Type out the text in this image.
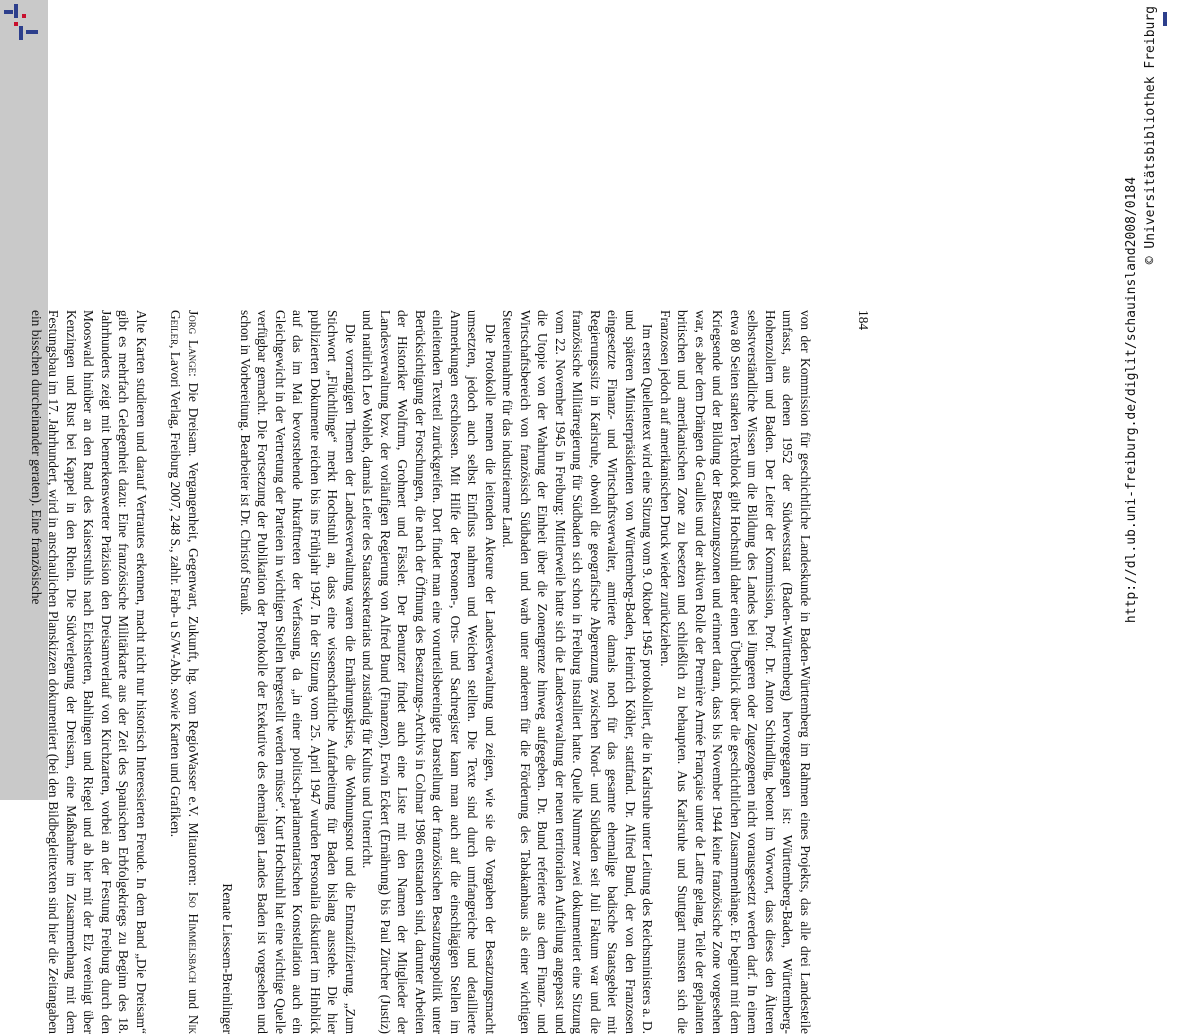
184

von der Kommission für geschichtliche Landeskunde in Baden-Württemberg im Rahmen eines Projekts, das alle drei Landesteile umfasst, aus denen 1952 der Südweststaat (Baden-Württemberg) hervorgegangen ist: Württemberg-Baden, Württemberg-Hohenzollern und Baden. Der Leiter der Kommission, Prof. Dr. Anton Schindling, betont im Vorwort, dass dieses den Älteren selbstverständliche Wissen um die Bildung des Landes bei Jüngeren oder Zugezogenen nicht vorausgesetzt werden darf. In einem etwa 80 Seiten starken Textblock gibt Hochstuhl daher einen Überblick über die geschichtlichen Zusammenhänge. Er beginnt mit dem Kriegsende und der Bildung der Besatzungszonen und erinnert daran, dass bis November 1944 keine französische Zone vorgesehen war, es aber dem Drängen de Gaulles und der aktiven Rolle der Première Armée Française unter de Lattre gelang, Teile der geplanten britischen und amerikanischen Zone zu besetzen und schließlich zu behaupten. Aus Karlsruhe und Stuttgart mussten sich die Franzosen jedoch auf amerikanischen Druck wieder zurückziehen.

Im ersten Quellentext wird eine Sitzung vom 9. Oktober 1945 protokolliert, die in Karlsruhe unter Leitung des Reichsministers a. D. und späteren Ministerpräsidenten von Württemberg-Baden, Heinrich Köhler, stattfand. Dr. Alfred Bund, der von den Franzosen eingesetzte Finanz- und Wirtschaftsverwalter, amtierte damals noch für das gesamte ehemalige badische Staatsgebiet mit Regierungssitz in Karlsruhe, obwohl die geografische Abgrenzung zwischen Nord- und Südbaden seit Juli Faktum war und die französische Militärregierung für Südbaden sich schon in Freiburg installiert hatte. Quelle Nummer zwei dokumentiert eine Sitzung vom 22. November 1945 in Freiburg: Mittlerweile hatte sich die Landesverwaltung der neuen territorialen Aufteilung angepasst und die Utopie von der Wahrung der Einheit über die Zonengrenze hinweg aufgegeben. Dr. Bund referierte aus dem Finanz- und Wirtschaftsbereich von französisch Südbaden und warb unter anderem für die Förderung des Tabakanbaus als einer wichtigen Steuereinnahme für das industriearme Land.

Die Protokolle nennen die leitenden Akteure der Landesverwaltung und zeigen, wie sie die Vorgaben der Besatzungsmacht umsetzten, jedoch auch selbst Einfluss nahmen und Weichen stellten. Die Texte sind durch umfangreiche und detaillierte Anmerkungen erschlossen. Mit Hilfe der Personen-, Orts- und Sachregister kann man auch auf die einschlägigen Stellen im einleitenden Textteil zurückgreifen. Dort findet man eine vorurteilsbereinigte Darstellung der französischen Besatzungspolitik unter Berücksichtigung der Forschungen, die nach der Öffnung des Besatzungs-Archivs in Colmar 1986 entstanden sind, darunter Arbeiten der Historiker Wolfrum, Grohnert und Fässler. Der Benutzer findet auch eine Liste mit den Namen der Mitglieder der Landesverwaltung bzw. der vorläufigen Regierung von Alfred Bund (Finanzen), Erwin Eckert (Ernährung) bis Paul Zürcher (Justiz) und natürlich Leo Wohleb, damals Leiter des Staatssekretariats und zuständig für Kultus und Unterricht.

Die vorrangigen Themen der Landesverwaltung waren die Ernährungskrise, die Wohnungsnot und die Entnazifizierung. „Zum Stichwort „Flüchtlinge“ merkt Hochstuhl an, dass eine wissenschaftliche Aufarbeitung für Baden bislang ausstehe. Die hier publizierten Dokumente reichen bis ins Frühjahr 1947. In der Sitzung vom 25. April 1947 wurden Personalia diskutiert im Hinblick auf das im Mai bevorstehende Inkrafttreten der Verfassung, da „in einer politisch-parlamentarischen Konstellation auch ein Gleichgewicht in der Vertretung der Parteien in wichtigen Stellen hergestellt werden müsse“. Kurt Hochstuhl hat eine wichtige Quelle verfügbar gemacht. Die Fortsetzung der Publikation der Protokolle der Exekutive des ehemaligen Landes Baden ist vorgesehen und schon in Vorbereitung. Bearbeiter ist Dr. Christof Strauß.

Renate Liessem-Breinlinger

Jorg Lange: Die Dreisam. Vergangenheit, Gegenwart, Zukunft, hg. vom RegioWasser e.V. Mitautoren: Iso Himmelsbach und Nik Geiler, Lavori Verlag, Freiburg 2007, 248 S., zahlr. Farb- u S/W-Abb. sowie Karten und Grafiken.

Alte Karten studieren und darauf Vertrautes erkennen, macht nicht nur historisch Interessierten Freude. In dem Band „Die Dreisam“ gibt es mehrfach Gelegenheit dazu: Eine französische Militärkarte aus der Zeit des Spanischen Erbfolgekriegs zu Beginn des 18. Jahrhunderts zeigt mit bemerkenswerter Präzision den Dreisamverlauf von Kirchzarten, vorbei an der Festung Freiburg durch den Mooswald hinüber an den Rand des Kaiserstuhls nach Eichstetten, Bahlingen und Riegel und ab hier mit der Elz vereinigt über Kenzingen und Rust bei Kappel in den Rhein. Die Südverlegung der Dreisam, eine Maßnahme im Zusammenhang mit dem Festungsbau im 17. Jahrhundert, wird in anschaulichen Planskizzen dokumentiert (bei den Bildbegleittexten sind hier die Zeitangaben ein bisschen durcheinander geraten). Eine französische	http://dl.ub.uni-freiburg.de/diglit/schauinsland2008/0184
© Universitätsbibliothek Freiburg
